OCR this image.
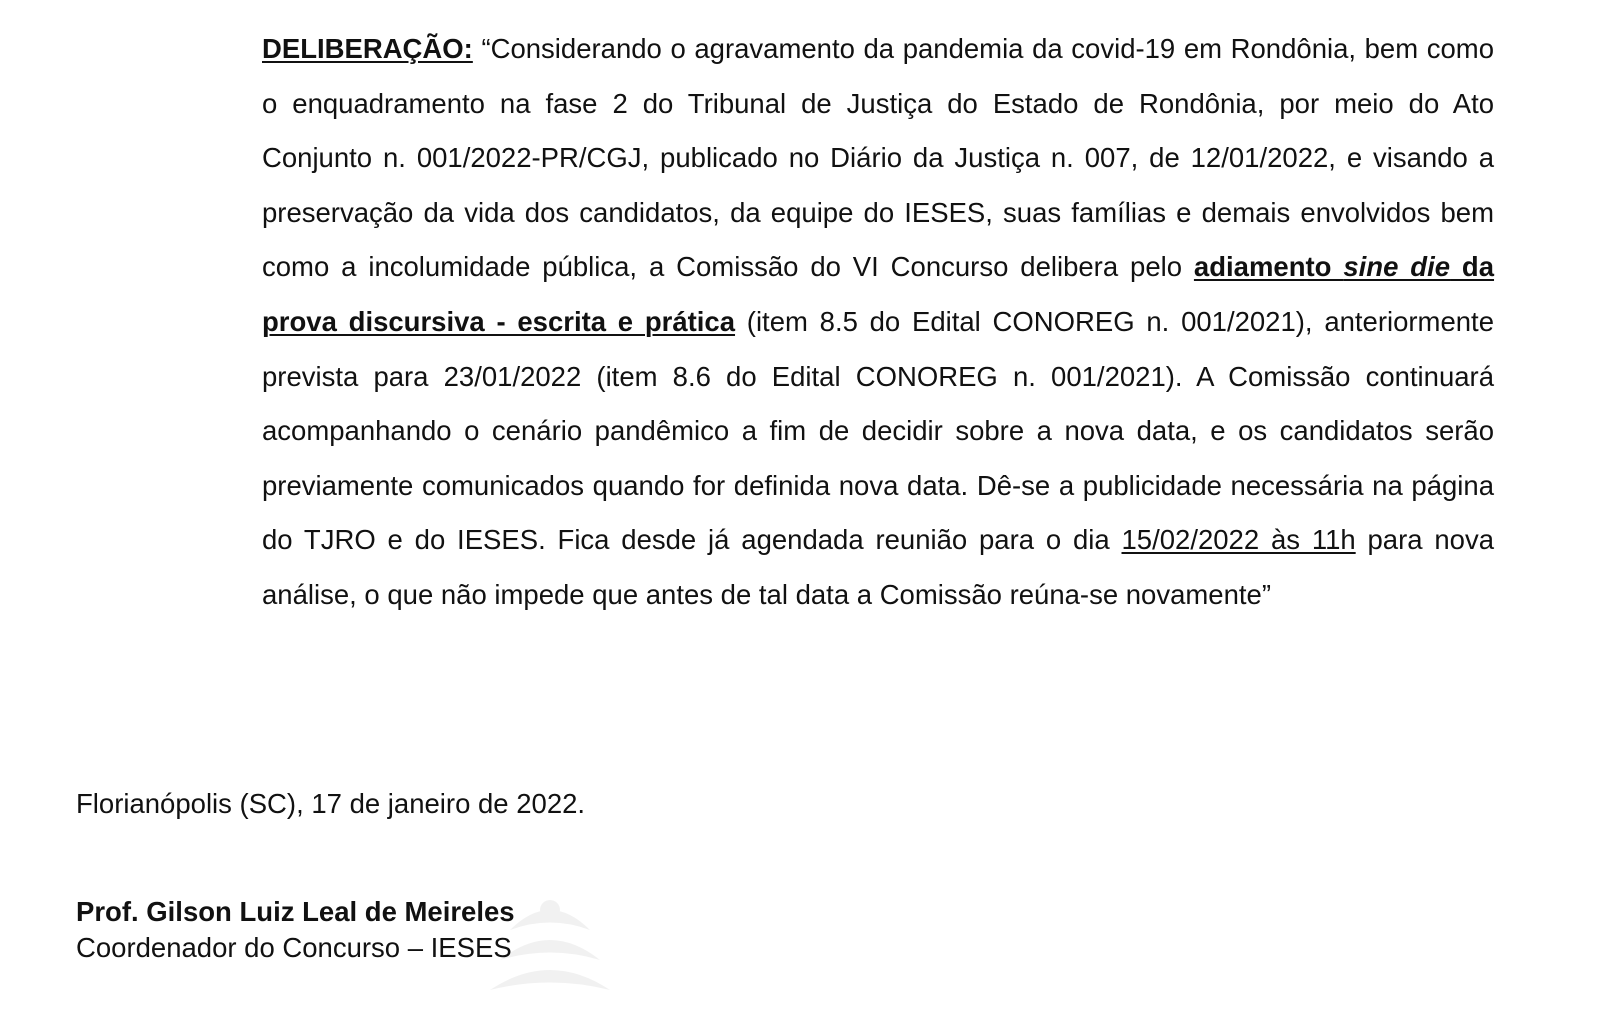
DELIBERAÇÃO: “Considerando o agravamento da pandemia da covid-19 em Rondônia, bem como o enquadramento na fase 2 do Tribunal de Justiça do Estado de Rondônia, por meio do Ato Conjunto n. 001/2022-PR/CGJ, publicado no Diário da Justiça n. 007, de 12/01/2022, e visando a preservação da vida dos candidatos, da equipe do IESES, suas famílias e demais envolvidos bem como a incolumidade pública, a Comissão do VI Concurso delibera pelo adiamento sine die da prova discursiva - escrita e prática (item 8.5 do Edital CONOREG n. 001/2021), anteriormente prevista para 23/01/2022 (item 8.6 do Edital CONOREG n. 001/2021). A Comissão continuará acompanhando o cenário pandêmico a fim de decidir sobre a nova data, e os candidatos serão previamente comunicados quando for definida nova data. Dê-se a publicidade necessária na página do TJRO e do IESES. Fica desde já agendada reunião para o dia 15/02/2022 às 11h para nova análise, o que não impede que antes de tal data a Comissão reúna-se novamente”

Florianópolis (SC), 17 de janeiro de 2022.

Prof. Gilson Luiz Leal de Meireles

Coordenador do Concurso – IESES
